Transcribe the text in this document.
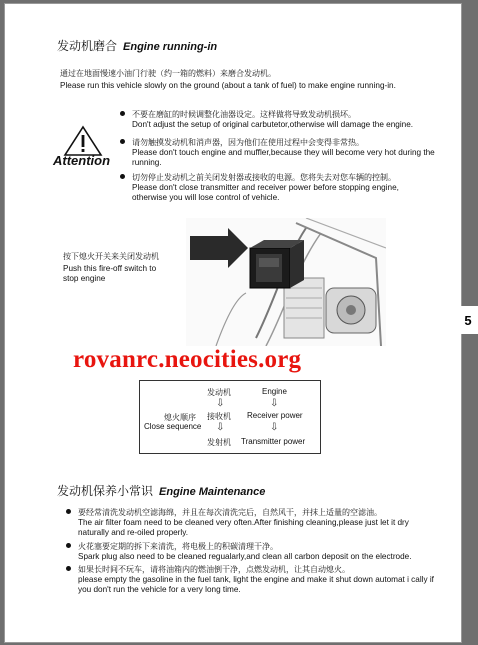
5
发动机磨合 Engine running-in
通过在地面慢速小油门行驶（约一箱的燃料）来磨合发动机。
Please run this vehicle slowly on the ground (about a tank of fuel) to make engine running-in.
Attention
不要在磨缸的时候调整化油器设定。这样做将导致发动机损坏。
Don't adjust the setup of original carbutetor,otherwise will damage the engine.
请勿触摸发动机和消声器，因为他们在使用过程中会变得非常热。
Please don't touch engine and muffler,because they will become very hot during the running.
切勿停止发动机之前关闭发射器或接收的电源。您将失去对您车辆的控制。
Please don't close transmitter and receiver power before stopping engine, otherwise you will lose control of vehicle.
按下熄火开关来关闭发动机
Push this fire-off switch to
stop engine
rovanrc.neocities.org
熄火顺序
Close sequence
发动机
⇩
接收机
⇩
发射机
Engine
⇩
Receiver power
⇩
Transmitter power
发动机保养小常识 Engine Maintenance
要经常清洗发动机空滤海绵，并且在每次清洗完后，自然风干，并抹上适量的空滤油。
The air filter foam need to be cleaned very often.After finishing cleaning,please just let it dry naturally and re-oiled properly.
火花塞要定期的拆下来清洗，将电极上的积碳清理干净。
Spark plug also need to be cleaned regualarly,and clean all carbon deposit on the electrode.
如果长时间不玩车，请将油箱内的燃油倒干净，点燃发动机，让其自动熄火。
please empty the gasoline in the fuel tank, light the engine and make it shut down automat i cally if you don't run the vehicle for a very long time.
